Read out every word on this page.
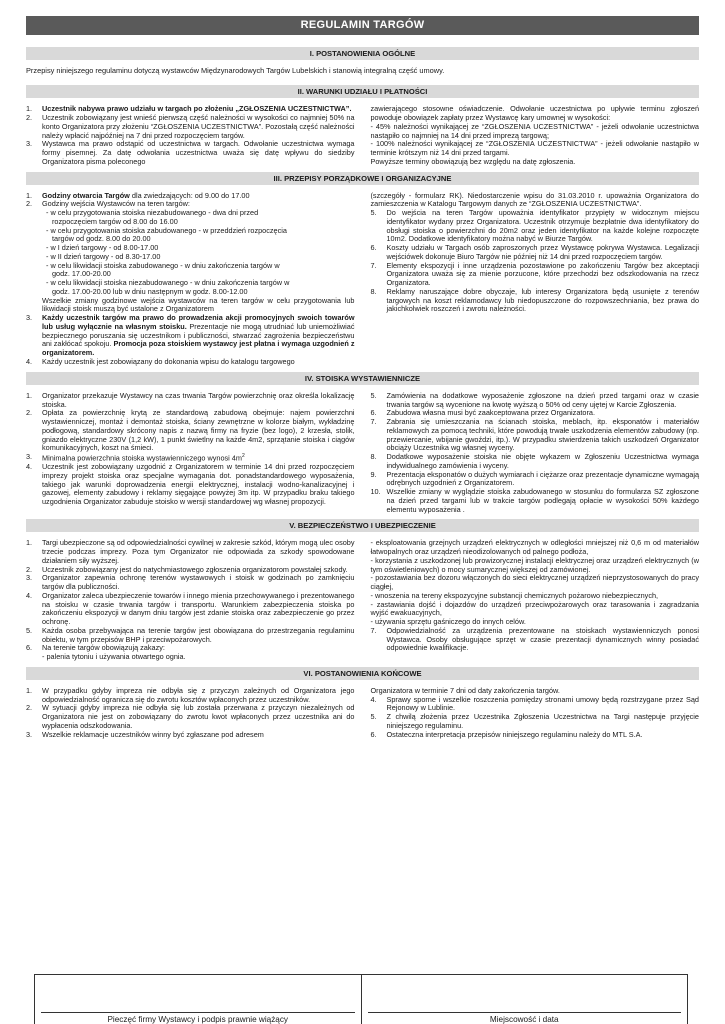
REGULAMIN TARGÓW
I. POSTANOWIENIA OGÓLNE

Przepisy niniejszego regulaminu dotyczą wystawców Międzynarodowych Targów Lubelskich i stanowią integralną część umowy.

II. WARUNKI UDZIAŁU I PŁATNOŚCI
1. Uczestnik nabywa prawo udziału w targach po złożeniu „ZGŁOSZENIA UCZESTNICTWA”.
2. Uczestnik zobowiązany jest wnieść pierwszą część należności w wysokości co najmniej 50% na konto Organizatora przy złożeniu “ZGŁOSZENIA UCZESTNICTWA”. Pozostałą część należności należy wpłacić najpóźniej na 7 dni przed rozpoczęciem targów.
3. Wystawca ma prawo odstąpić od uczestnictwa w targach. Odwołanie uczestnictwa wymaga formy pisemnej. Za datę odwołania uczestnictwa uważa się datę wpływu do siedziby Organizatora pisma poleconego
zawierającego stosowne oświadczenie. Odwołanie uczestnictwa po upływie terminu zgłoszeń powoduje obowiązek zapłaty przez Wystawcę kary umownej w wysokości:
- 45% należności wynikającej ze “ZGŁOSZENIA UCZESTNICTWA” - jeżeli odwołanie uczestnictwa nastąpiło co najmniej na 14 dni przed imprezą targową;
- 100% należności wynikającej ze “ZGŁOSZENIA UCZESTNICTWA” - jeżeli odwołanie nastąpiło w terminie krótszym niż 14 dni przed targami.
Powyższe terminy obowiązują bez względu na datę zgłoszenia.
III. PRZEPISY PORZĄDKOWE I ORGANIZACYJNE
1. Godziny otwarcia Targów dla zwiedzających: od 9.00 do 17.00
2. Godziny wejścia Wystawców na teren targów:
- w celu przygotowania stoiska niezabudowanego - dwa dni przed
rozpoczęciem targów od 8.00 do 16.00
- w celu przygotowania stoiska zabudowanego - w przeddzień rozpoczęcia
targów od godz. 8.00 do 20.00
- w I dzień targowy - od 8.00-17.00
- w II dzień targowy - od 8.30-17.00
- w celu likwidacji stoiska zabudowanego - w dniu zakończenia targów w
godz. 17.00-20.00
- w celu likwidacji stoiska niezabudowanego - w dniu zakończenia targów w
godz. 17.00-20.00 lub w dniu następnym w godz. 8.00-12.00
Wszelkie zmiany godzinowe wejścia wystawców na teren targów w celu przygotowania lub likwidacji stoisk muszą być ustalone z Organizatorem
3. Każdy uczestnik targów ma prawo do prowadzenia akcji promocyjnych swoich towarów lub usług wyłącznie na własnym stoisku. Prezentacje nie mogą utrudniać lub uniemożliwiać bezpiecznego poruszania się uczestnikom i publiczności, stwarzać zagrożenia bezpieczeństwu ani zakłócać spokoju. Promocja poza stoiskiem wystawcy jest płatna i wymaga uzgodnień z organizatorem.
4. Każdy uczestnik jest zobowiązany do dokonania wpisu do katalogu targowego
(szczegóły - formularz RK). Niedostarczenie wpisu do 31.03.2010 r. upoważnia Organizatora do zamieszczenia w Katalogu Targowym danych ze “ZGŁOSZENIA UCZESTNICTWA”.
5. Do wejścia na teren Targów upoważnia identyfikator przypięty w widocznym miejscu identyfikator wydany przez Organizatora. Uczestnik otrzymuje bezpłatnie dwa identyfikatory do obsługi stoiska o powierzchni do 20m2 oraz jeden identyfikator na każde kolejne rozpoczęte 10m2. Dodatkowe identyfikatory można nabyć w Biurze Targów.
6. Koszty udziału w Targach osób zaproszonych przez Wystawcę pokrywa Wystawca. Legalizacji wejściówek dokonuje Biuro Targów nie później niż 14 dni przed rozpoczęciem targów.
7. Elementy ekspozycji i inne urządzenia pozostawione po zakończeniu Targów bez akceptacji Organizatora uważa się za mienie porzucone, które przechodzi bez odszkodowania na rzecz Organizatora.
8. Reklamy naruszające dobre obyczaje, lub interesy Organizatora będą usunięte z terenów targowych na koszt reklamodawcy lub niedopuszczone do rozpowszechniania, bez prawa do jakichkolwiek roszczeń i zwrotu należności.
IV. STOISKA WYSTAWIENNICZE
1. Organizator przekazuje Wystawcy na czas trwania Targów powierzchnię oraz określa lokalizację stoiska.
2. Opłata za powierzchnię krytą ze standardową zabudową obejmuje: najem powierzchni wystawienniczej, montaż i demontaż stoiska, ściany zewnętrzne w kolorze białym, wykładzinę podłogową, standardowy skrócony napis z nazwą firmy na fryzie (bez logo), 2 krzesła, stolik, gniazdo elektryczne 230V (1,2 kW), 1 punkt świetlny na każde 4m2, sprzątanie stoiska i ciągów komunikacyjnych, koszt na śmieci.
3. Minimalna powierzchnia stoiska wystawienniczego wynosi $4m^2$
4. Uczestnik jest zobowiązany uzgodnić z Organizatorem w terminie 14 dni przed rozpoczęciem imprezy projekt stoiska oraz specjalne wymagania dot. ponadstandardowego wyposażenia, takiego jak warunki doprowadzenia energii elektrycznej, instalacji wodno-kanalizacyjnej i gazowej, elementy zabudowy i reklamy sięgające powyżej 3m itp. W przypadku braku takiego uzgodnienia Organizator zabuduje stoisko w wersji standardowej wg własnej propozycji.
5. Zamówienia na dodatkowe wyposażenie zgłoszone na dzień przed targami oraz w czasie trwania targów są wycenione na kwotę wyższą o 50% od ceny ujętej w Karcie Zgłoszenia.
6. Zabudowa własna musi być zaakceptowana przez Organizatora.
7. Zabrania się umieszczania na ścianach stoiska, meblach, itp. eksponatów i materiałów reklamowych za pomocą techniki, które powodują trwałe uszkodzenia elementów zabudowy (np. przewiercanie, wbijanie gwoździ, itp.). W przypadku stwierdzenia takich uszkodzeń Organizator obciąży Uczestnika wg własnej wyceny.
8. Dodatkowe wyposażenie stoiska nie objęte wykazem w Zgłoszeniu Uczestnictwa wymaga indywidualnego zamówienia i wyceny.
9. Prezentacja eksponatów o dużych wymiarach i ciężarze oraz prezentacje dynamiczne wymagają odrębnych uzgodnień z Organizatorem.
10. Wszelkie zmiany w wyglądzie stoiska zabudowanego w stosunku do formularza SZ zgłoszone na dzień przed targami lub w trakcie targów podlegają opłacie w wysokości 50% każdego elementu wyposażenia .
V. BEZPIECZEŃSTWO I UBEZPIECZENIE
1. Targi ubezpieczone są od odpowiedzialności cywilnej w zakresie szkód, którym mogą ulec osoby trzecie podczas imprezy. Poza tym Organizator nie odpowiada za szkody spowodowane działaniem siły wyższej.
2. Uczestnik zobowiązany jest do natychmiastowego zgłoszenia organizatorom powstałej szkody.
3. Organizator zapewnia ochronę terenów wystawowych i stoisk w godzinach po zamknięciu targów dla publiczności.
4. Organizator zaleca ubezpieczenie towarów i innego mienia przechowywanego i prezentowanego na stoisku w czasie trwania targów i transportu. Warunkiem zabezpieczenia stoiska po zakończeniu ekspozycji w danym dniu targów jest zdanie stoiska oraz zabezpieczenie go przez ochronę.
5. Każda osoba przebywająca na terenie targów jest obowiązana do przestrzegania regulaminu obiektu, w tym przepisów BHP i przeciwpożarowych.
6. Na terenie targów obowiązują zakazy:
- palenia tytoniu i używania otwartego ognia.
- eksploatowania grzejnych urządzeń elektrycznych w odległości mniejszej niż 0,6 m od materiałów łatwopalnych oraz urządzeń nieodizolowanych od palnego podłoża,
- korzystania z uszkodzonej lub prowizorycznej instalacji elektrycznej oraz urządzeń elektrycznych (w tym oświetleniowych) o mocy sumarycznej większej od zamówionej.
- pozostawiania bez dozoru włączonych do sieci elektrycznej urządzeń nieprzystosowanych do pracy ciągłej,
- wnoszenia na tereny ekspozycyjne substancji chemicznych pożarowo niebezpiecznych,
- zastawiania dojść i dojazdów do urządzeń przeciwpożarowych oraz tarasowania i zagradzania wyjść ewakuacyjnych,
- używania sprzętu gaśniczego do innych celów.
7. Odpowiedzialność za urządzenia prezentowane na stoiskach wystawienniczych ponosi Wystawca. Osoby obsługujące sprzęt w czasie prezentacji dynamicznych winny posiadać odpowiednie kwalifikacje.
VI. POSTANOWIENIA KOŃCOWE
1. W przypadku gdyby impreza nie odbyła się z przyczyn zależnych od Organizatora jego odpowiedzialność ogranicza się do zwrotu kosztów wpłaconych przez uczestników.
2. W sytuacji gdyby impreza nie odbyła się lub została przerwana z przyczyn niezależnych od Organizatora nie jest on zobowiązany do zwrotu kwot wpłaconych przez uczestnika ani do wypłacenia odszkodowania.
3. Wszelkie reklamacje uczestników winny być zgłaszane pod adresem
Organizatora w terminie 7 dni od daty zakończenia targów.
4. Sprawy sporne i wszelkie roszczenia pomiędzy stronami umowy będą rozstrzygane przez Sąd Rejonowy w Lublinie.
5. Z chwilą złożenia przez Uczestnika Zgłoszenia Uczestnictwa na Targi następuje przyjęcie niniejszego regulaminu.
6. Ostateczna interpretacja przepisów niniejszego regulaminu należy do MTL S.A.
Pieczęć firmy Wystawcy i podpis prawnie wiążący	Miejscowość i data
